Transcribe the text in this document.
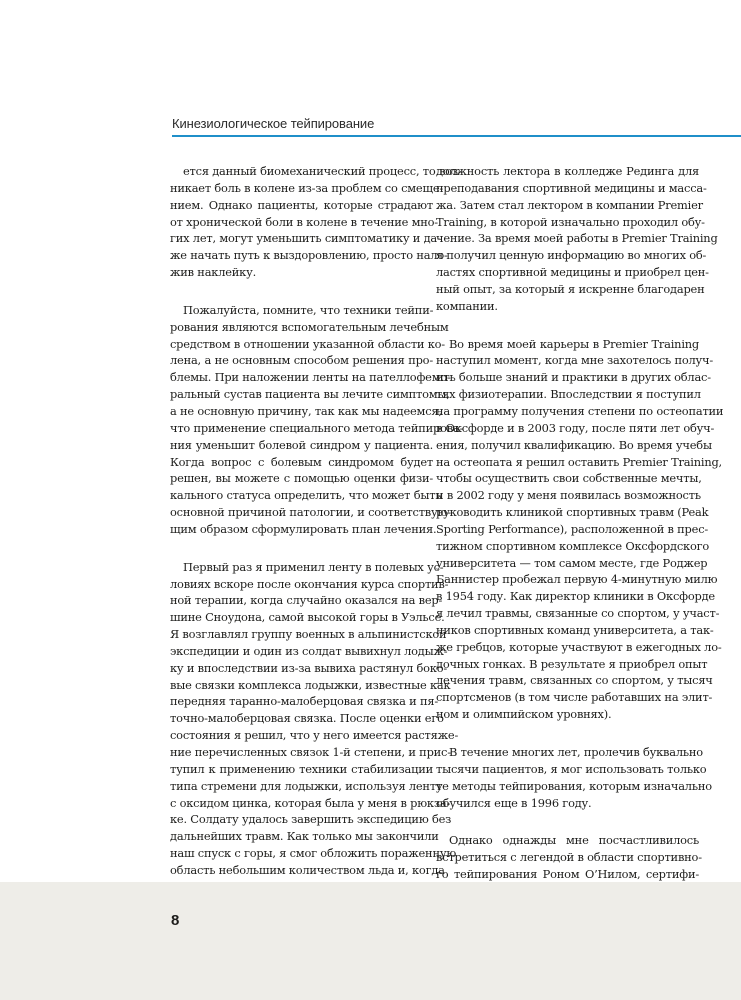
Кинезиологическое тейпирование

ется данный биомеханический процесс, то воз-
никает боль в колене из-за проблем со смеще-
нием. Однако пациенты, которые страдают
от хронической боли в колене в течение мно-
гих лет, могут уменьшить симптоматику и да-
же начать путь к выздоровлению, просто нало-
жив наклейку.

Пожалуйста, помните, что техники тейпи-
рования являются вспомогательным лечебным
средством в отношении указанной области ко-
лена, а не основным способом решения про-
блемы. При наложении ленты на пателлофемо-
ральный сустав пациента вы лечите симптомы,
а не основную причину, так как мы надеемся,
что применение специального метода тейпирова-
ния уменьшит болевой синдром у пациента.
Когда вопрос с болевым синдромом будет
решен, вы можете с помощью оценки физи-
кального статуса определить, что может быть
основной причиной патологии, и соответствую-
щим образом сформулировать план лечения.

Первый раз я применил ленту в полевых ус-
ловиях вскоре после окончания курса спортив-
ной терапии, когда случайно оказался на вер-
шине Сноудона, самой высокой горы в Уэльсе.
Я возглавлял группу военных в альпинистской
экспедиции и один из солдат вывихнул лодыж-
ку и впоследствии из-за вывиха растянул боко-
вые связки комплекса лодыжки, известные как
передняя таранно-малоберцовая связка и пя-
точно-малоберцовая связка. После оценки его
состояния я решил, что у него имеется растяже-
ние перечисленных связок 1-й степени, и прис-
тупил к применению техники стабилизации
типа стремени для лодыжки, используя ленту
с оксидом цинка, которая была у меня в рюкза-
ке. Солдату удалось завершить экспедицию без
дальнейших травм. Как только мы закончили
наш спуск с горы, я смог обложить пораженную
область небольшим количеством льда и, когда

должность лектора в колледже Рединга для
преподавания спортивной медицины и масса-
жа. Затем стал лектором в компании Premier
Training, в которой изначально проходил обу-
чение. За время моей работы в Premier Training
я получил ценную информацию во многих об-
ластях спортивной медицины и приобрел цен-
ный опыт, за который я искренне благодарен
компании.

Во время моей карьеры в Premier Training
наступил момент, когда мне захотелось получ-
ить больше знаний и практики в других облас-
тях физиотерапии. Впоследствии я поступил
на программу получения степени по остеопатии
в Оксфорде и в 2003 году, после пяти лет обуч-
ения, получил квалификацию. Во время учебы
на остеопата я решил оставить Premier Training,
чтобы осуществить свои собственные мечты,
и в 2002 году у меня появилась возможность
руководить клиникой спортивных травм (Peak
Sporting Performance), расположенной в прес-
тижном спортивном комплексе Оксфордского
университета — том самом месте, где Роджер
Баннистер пробежал первую 4-минутную милю
в 1954 году. Как директор клиники в Оксфорде
я лечил травмы, связанные со спортом, у участ-
ников спортивных команд университета, а так-
же гребцов, которые участвуют в ежегодных ло-
дочных гонках. В результате я приобрел опыт
лечения травм, связанных со спортом, у тысяч
спортсменов (в том числе работавших на элит-
ном и олимпийском уровнях).

В течение многих лет, пролечив буквально
тысячи пациентов, я мог использовать только
те методы тейпирования, которым изначально
обучился еще в 1996 году.

Однако однажды мне посчастливилось
встретиться с легендой в области спортивно-
го тейпирования Роном О’Нилом, сертифи-

8
